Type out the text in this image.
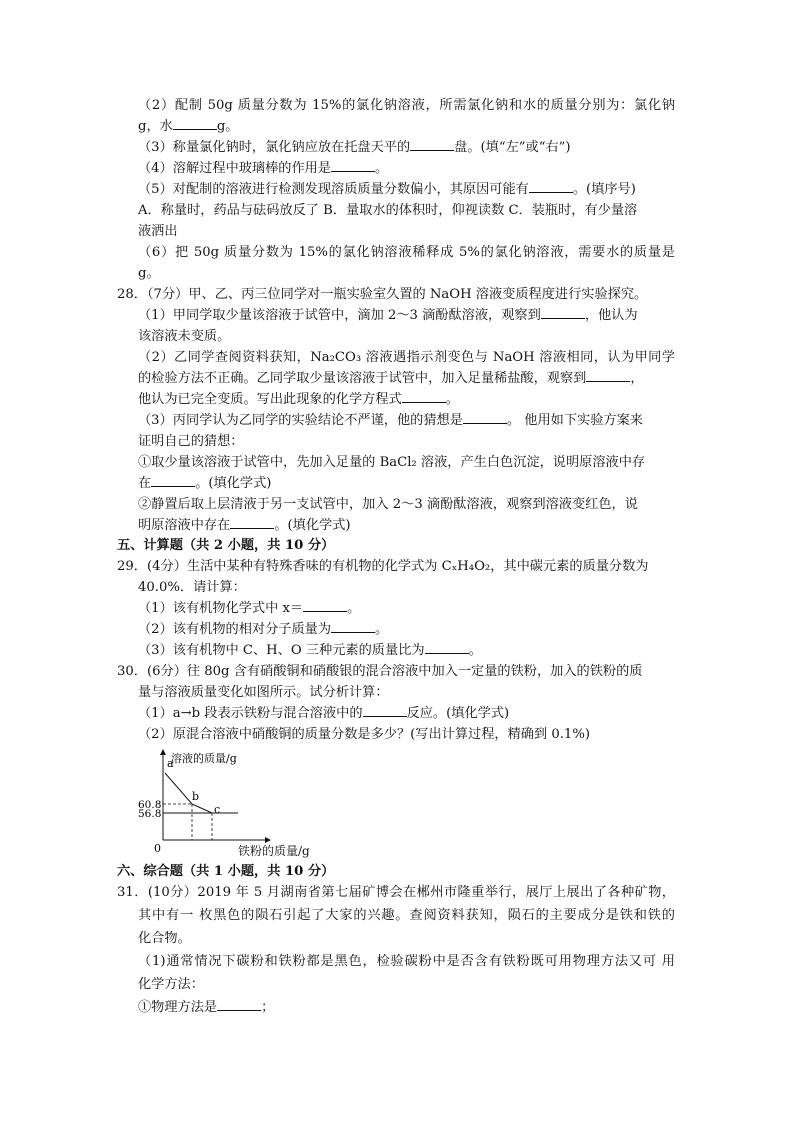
（2）配制 50g 质量分数为 15%的氯化钠溶液，所需氯化钠和水的质量分别为：氯化钠
g，水	g。
（3）称量氯化钠时，氯化钠应放在托盘天平的	盘。(填“左”或“右”)
（4）溶解过程中玻璃棒的作用是	。
（5）对配制的溶液进行检测发现溶质质量分数偏小，其原因可能有	。(填序号)
A．称量时，药品与砝码放反了 B．量取水的体积时，仰视读数 C．装瓶时，有少量溶
液洒出
（6）把 50g 质量分数为 15%的氯化钠溶液稀释成 5%的氯化钠溶液，需要水的质量是
g。
28．（7分）甲、乙、丙三位同学对一瓶实验室久置的 NaOH 溶液变质程度进行实验探究。
（1）甲同学取少量该溶液于试管中，滴加 2～3 滴酚酞溶液，观察到	，他认为
该溶液未变质。
（2）乙同学查阅资料获知，Na₂CO₃ 溶液遇指示剂变色与 NaOH 溶液相同，认为甲同学
的检验方法不正确。乙同学取少量该溶液于试管中，加入足量稀盐酸，观察到	，
他认为已完全变质。写出此现象的化学方程式	。
（3）丙同学认为乙同学的实验结论不严谨，他的猜想是	。 他用如下实验方案来
证明自己的猜想：
①取少量该溶液于试管中，先加入足量的 BaCl₂ 溶液，产生白色沉淀，说明原溶液中存
在	。(填化学式)
②静置后取上层清液于另一支试管中，加入 2～3 滴酚酞溶液，观察到溶液变红色，说
明原溶液中存在	。(填化学式)
五、计算题（共 2 小题，共 10 分）
29．(4分）生活中某种有特殊香味的有机物的化学式为 CₓH₄O₂，其中碳元素的质量分数为
40.0%．请计算：
（1）该有机物化学式中 x＝	。
（2）该有机物的相对分子质量为	。
（3）该有机物中 C、H、O 三种元素的质量比为	。
30．(6分）往 80g 含有硝酸铜和硝酸银的混合溶液中加入一定量的铁粉，加入的铁粉的质
量与溶液质量变化如图所示。试分析计算：
（1）a→b 段表示铁粉与混合溶液中的	反应。(填化学式)
（2）原混合溶液中硝酸铜的质量分数是多少？(写出计算过程，精确到 0.1%)
溶液的质量/g
0
60.8
56.8
a
b
c
铁粉的质量/g
六、综合题（共 1 小题，共 10 分）
31．(10分）2019 年 5 月湖南省第七届矿博会在郴州市隆重举行，展厅上展出了各种矿物，
其中有一 枚黑色的陨石引起了大家的兴趣。查阅资料获知，陨石的主要成分是铁和铁的
化合物。
（1)通常情况下碳粉和铁粉都是黑色，检验碳粉中是否含有铁粉既可用物理方法又可 用
化学方法：
①物理方法是	；
